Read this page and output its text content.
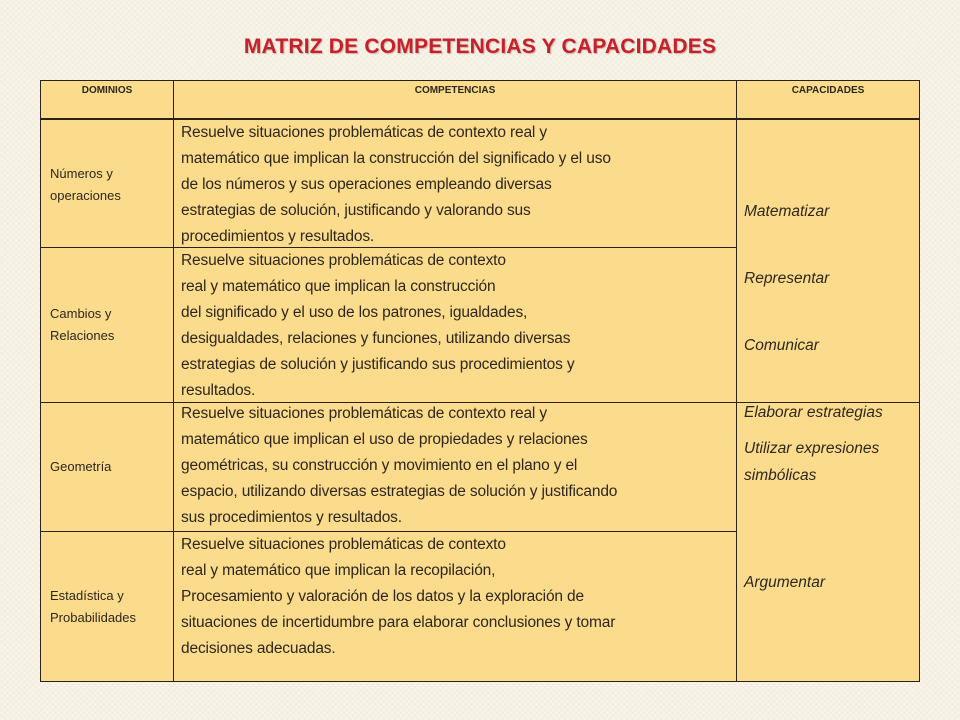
MATRIZ DE COMPETENCIAS Y CAPACIDADES
DOMINIOS	COMPETENCIAS	CAPACIDADES
Números y
operaciones
Resuelve situaciones problemáticas de contexto real y
matemático que implican la construcción del significado y el uso
de los números y sus operaciones empleando diversas
estrategias de solución, justificando y valorando sus
procedimientos y resultados.
Cambios y
Relaciones
Resuelve situaciones problemáticas de contexto
real y matemático que implican la construcción
del significado y el uso de los patrones, igualdades,
desigualdades, relaciones y funciones, utilizando diversas
estrategias de solución y justificando sus procedimientos y
resultados.
Geometría
Resuelve situaciones problemáticas de contexto real y
matemático que implican el uso de propiedades y relaciones
geométricas, su construcción y movimiento en el plano y el
espacio, utilizando diversas estrategias de solución y justificando
sus procedimientos y resultados.
Estadística y
Probabilidades
Resuelve situaciones problemáticas de contexto
real y matemático que implican la recopilación,
Procesamiento y valoración de los datos y la exploración de
situaciones de incertidumbre para elaborar conclusiones y tomar
decisiones adecuadas.
Matematizar
Representar
Comunicar
Elaborar estrategias
Utilizar expresiones
simbólicas
Argumentar
